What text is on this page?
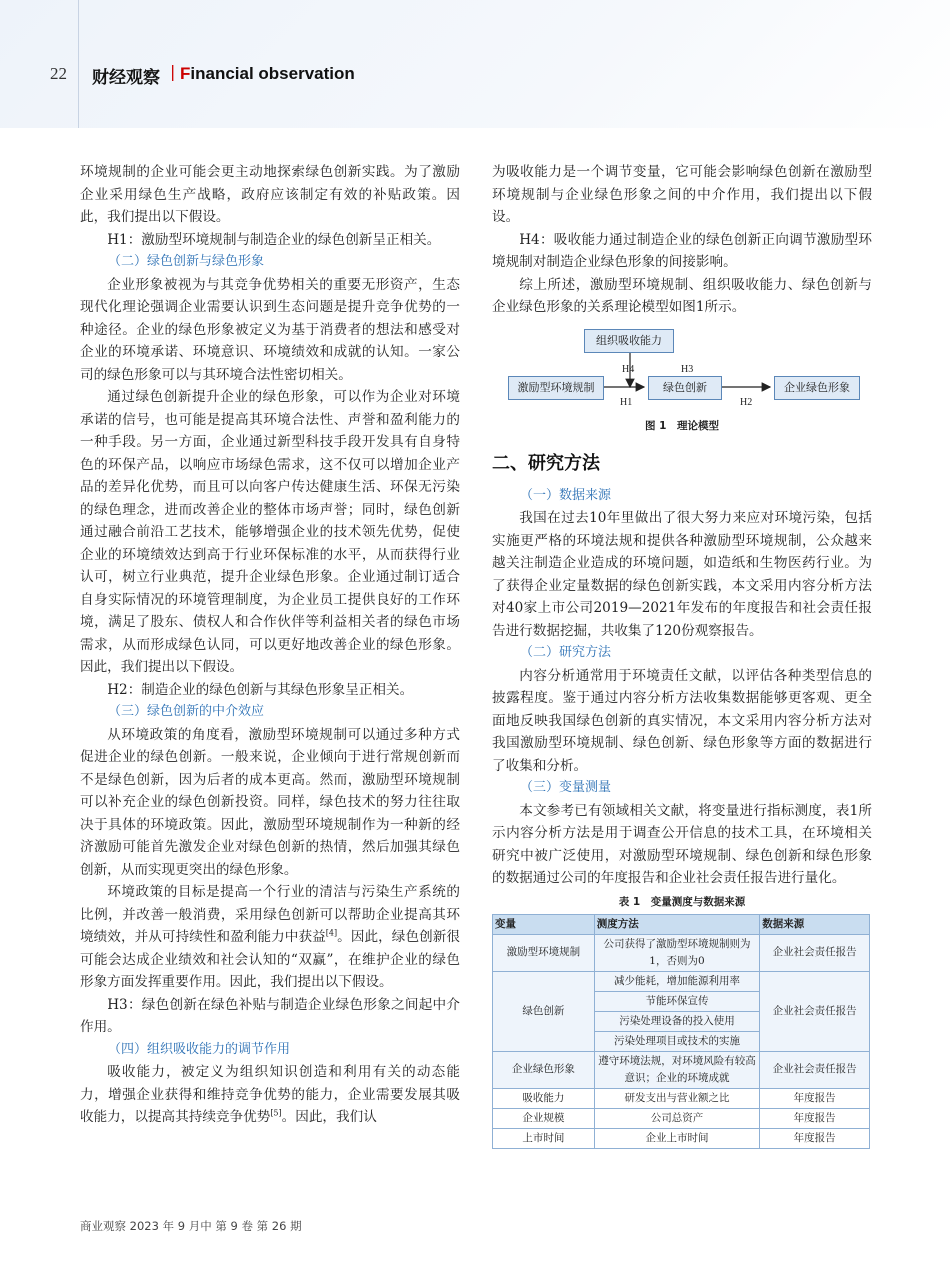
22 财经观察 | Financial observation

环境规制的企业可能会更主动地探索绿色创新实践。为了激励企业采用绿色生产战略，政府应该制定有效的补贴政策。因此，我们提出以下假设。

H1：激励型环境规制与制造企业的绿色创新呈正相关。

（二）绿色创新与绿色形象

企业形象被视为与其竞争优势相关的重要无形资产，生态现代化理论强调企业需要认识到生态问题是提升竞争优势的一种途径。企业的绿色形象被定义为基于消费者的想法和感受对企业的环境承诺、环境意识、环境绩效和成就的认知。一家公司的绿色形象可以与其环境合法性密切相关。

通过绿色创新提升企业的绿色形象，可以作为企业对环境承诺的信号，也可能是提高其环境合法性、声誉和盈利能力的一种手段。另一方面，企业通过新型科技手段开发具有自身特色的环保产品，以响应市场绿色需求，这不仅可以增加企业产品的差异化优势，而且可以向客户传达健康生活、环保无污染的绿色理念，进而改善企业的整体市场声誉；同时，绿色创新通过融合前沿工艺技术，能够增强企业的技术领先优势，促使企业的环境绩效达到高于行业环保标准的水平，从而获得行业认可，树立行业典范，提升企业绿色形象。企业通过制订适合自身实际情况的环境管理制度，为企业员工提供良好的工作环境，满足了股东、债权人和合作伙伴等利益相关者的绿色市场需求，从而形成绿色认同，可以更好地改善企业的绿色形象。因此，我们提出以下假设。

H2：制造企业的绿色创新与其绿色形象呈正相关。

（三）绿色创新的中介效应

从环境政策的角度看，激励型环境规制可以通过多种方式促进企业的绿色创新。一般来说，企业倾向于进行常规创新而不是绿色创新，因为后者的成本更高。然而，激励型环境规制可以补充企业的绿色创新投资。同样，绿色技术的努力往往取决于具体的环境政策。因此，激励型环境规制作为一种新的经济激励可能首先激发企业对绿色创新的热情，然后加强其绿色创新，从而实现更突出的绿色形象。

环境政策的目标是提高一个行业的清洁与污染生产系统的比例，并改善一般消费，采用绿色创新可以帮助企业提高其环境绩效，并从可持续性和盈利能力中获益[4]。因此，绿色创新很可能会达成企业绩效和社会认知的“双赢”，在维护企业的绿色形象方面发挥重要作用。因此，我们提出以下假设。

H3：绿色创新在绿色补贴与制造企业绿色形象之间起中介作用。

（四）组织吸收能力的调节作用

吸收能力，被定义为组织知识创造和利用有关的动态能力，增强企业获得和维持竞争优势的能力，企业需要发展其吸收能力，以提高其持续竞争优势[5]。因此，我们认

为吸收能力是一个调节变量，它可能会影响绿色创新在激励型环境规制与企业绿色形象之间的中介作用，我们提出以下假设。

H4：吸收能力通过制造企业的绿色创新正向调节激励型环境规制对制造企业绿色形象的间接影响。

综上所述，激励型环境规制、组织吸收能力、绿色创新与企业绿色形象的关系理论模型如图1所示。

组织吸收能力
激励型环境规制	绿色创新	企业绿色形象
H4	H3
H1	H2
图 1　理论模型
二、研究方法
（一）数据来源

我国在过去10年里做出了很大努力来应对环境污染，包括实施更严格的环境法规和提供各种激励型环境规制，公众越来越关注制造企业造成的环境问题，如造纸和生物医药行业。为了获得企业定量数据的绿色创新实践，本文采用内容分析方法对40家上市公司2019—2021年发布的年度报告和社会责任报告进行数据挖掘，共收集了120份观察报告。

（二）研究方法

内容分析通常用于环境责任文献，以评估各种类型信息的披露程度。鉴于通过内容分析方法收集数据能够更客观、更全面地反映我国绿色创新的真实情况，本文采用内容分析方法对我国激励型环境规制、绿色创新、绿色形象等方面的数据进行了收集和分析。

（三）变量测量

本文参考已有领域相关文献，将变量进行指标测度，表1所示内容分析方法是用于调查公开信息的技术工具，在环境相关研究中被广泛使用，对激励型环境规制、绿色创新和绿色形象的数据通过公司的年度报告和企业社会责任报告进行量化。

表 1　变量测度与数据来源
变量	测度方法	数据来源
激励型环境规制	公司获得了激励型环境规制则为1，否则为0	企业社会责任报告
绿色创新	减少能耗，增加能源利用率	企业社会责任报告
	节能环保宣传	
	污染处理设备的投入使用	
	污染处理项目或技术的实施	
企业绿色形象	遵守环境法规，对环境风险有较高意识；企业的环境成就	企业社会责任报告
吸收能力	研发支出与营业额之比	年度报告
企业规模	公司总资产	年度报告
上市时间	企业上市时间	年度报告
商业观察 2023 年 9 月中 第 9 卷 第 26 期
